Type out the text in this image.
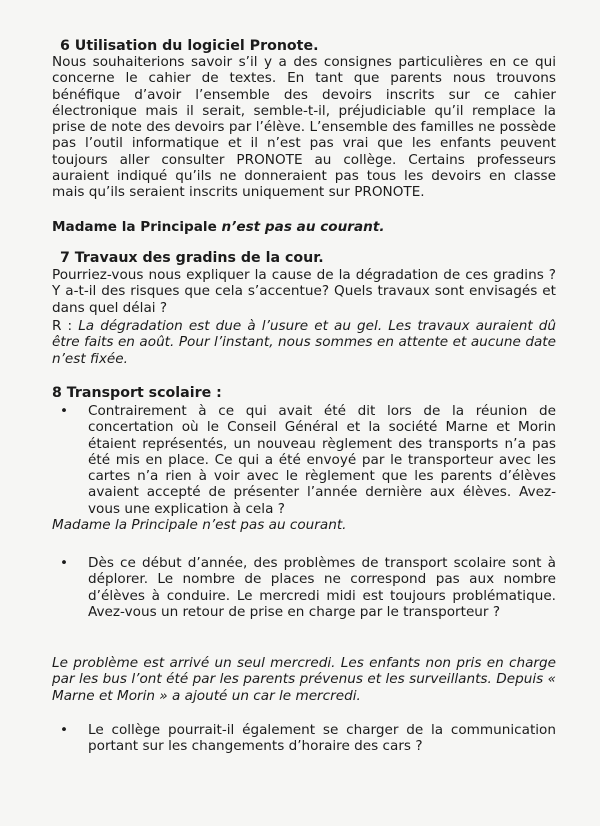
6 Utilisation du logiciel Pronote.

Nous souhaiterions savoir s’il y a des consignes particulières en ce qui concerne le cahier de textes. En tant que parents nous trouvons bénéfique d’avoir l’ensemble des devoirs inscrits sur ce cahier électronique mais il serait, semble-t-il, préjudiciable qu’il remplace la prise de note des devoirs par l’élève. L’ensemble des familles ne possède pas l’outil informatique et il n’est pas vrai que les enfants peuvent toujours aller consulter PRONOTE au collège. Certains professeurs auraient indiqué qu’ils ne donneraient pas tous les devoirs en classe mais qu’ils seraient inscrits uniquement sur PRONOTE.

Madame la Principale n’est pas au courant.

7 Travaux des gradins de la cour.

Pourriez-vous nous expliquer la cause de la dégradation de ces gradins ? Y a-t-il des risques que cela s’accentue? Quels travaux sont envisagés et dans quel délai ?

R : La dégradation est due à l’usure et au gel. Les travaux auraient dû être faits en août. Pour l’instant, nous sommes en attente et aucune date n’est fixée.

8 Transport scolaire :

•	Contrairement à ce qui avait été dit lors de la réunion de concertation où le Conseil Général et la société Marne et Morin étaient représentés, un nouveau règlement des transports n’a pas été mis en place. Ce qui a été envoyé par le transporteur avec les cartes n’a rien à voir avec le règlement que les parents d’élèves avaient accepté de présenter l’année dernière aux élèves. Avez-vous une explication à cela ?

Madame la Principale n’est pas au courant.

•	Dès ce début d’année, des problèmes de transport scolaire sont à déplorer. Le nombre de places ne correspond pas aux nombre d’élèves à conduire. Le mercredi midi est toujours problématique. Avez-vous un retour de prise en charge par le transporteur ?

Le problème est arrivé un seul mercredi. Les enfants non pris en charge par les bus l’ont été par les parents prévenus et les surveillants. Depuis « Marne et Morin » a ajouté un car le mercredi.

•	Le collège pourrait-il également se charger de la communication portant sur les changements d’horaire des cars ?
